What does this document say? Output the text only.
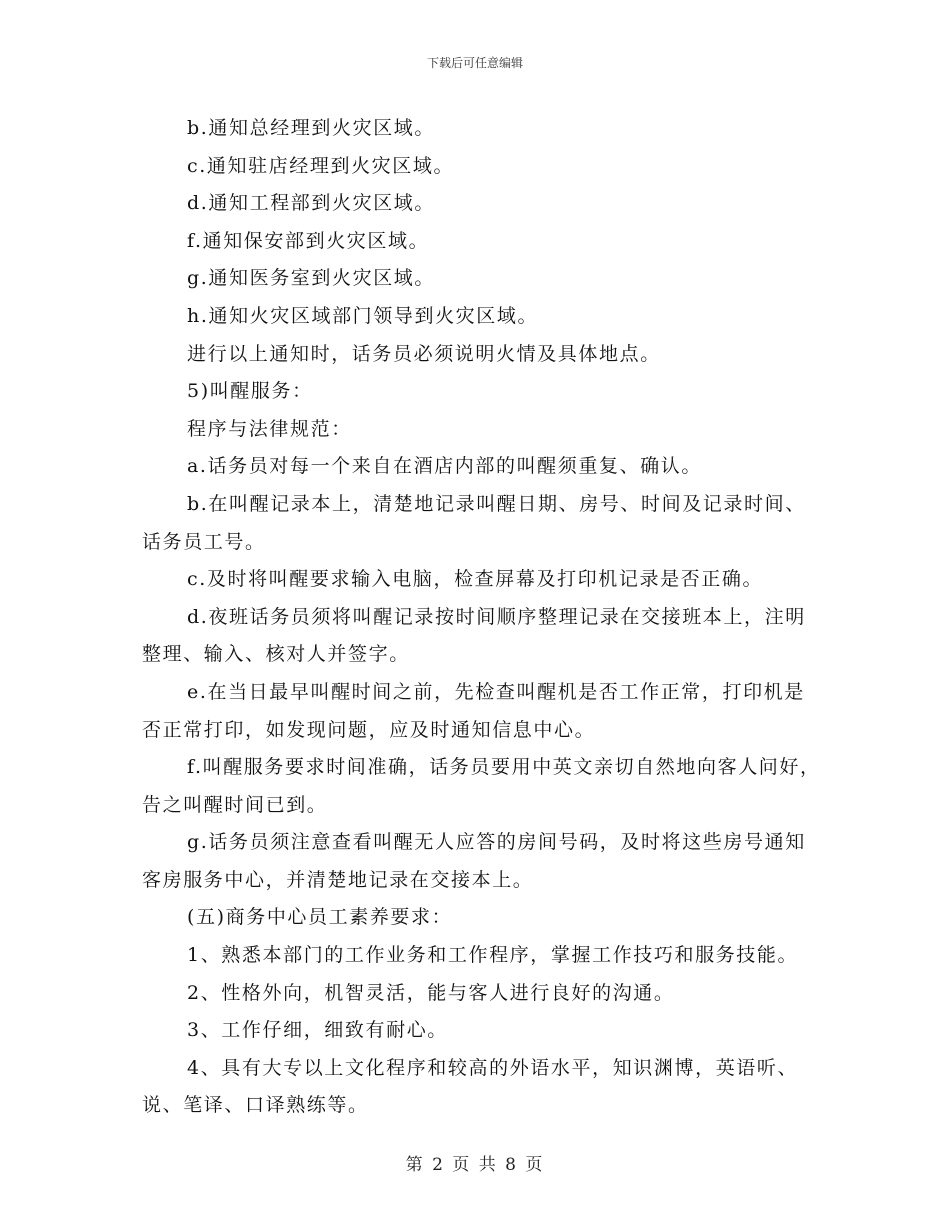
下载后可任意编辑

b.通知总经理到火灾区域。

c.通知驻店经理到火灾区域。

d.通知工程部到火灾区域。

f.通知保安部到火灾区域。

g.通知医务室到火灾区域。

h.通知火灾区域部门领导到火灾区域。

进行以上通知时，话务员必须说明火情及具体地点。

5)叫醒服务：

程序与法律规范：

a.话务员对每一个来自在酒店内部的叫醒须重复、确认。

b.在叫醒记录本上，清楚地记录叫醒日期、房号、时间及记录时间、话务员工号。

c.及时将叫醒要求输入电脑，检查屏幕及打印机记录是否正确。

d.夜班话务员须将叫醒记录按时间顺序整理记录在交接班本上，注明整理、输入、核对人并签字。

e.在当日最早叫醒时间之前，先检查叫醒机是否工作正常，打印机是否正常打印，如发现问题，应及时通知信息中心。

f.叫醒服务要求时间准确，话务员要用中英文亲切自然地向客人问好，告之叫醒时间已到。

g.话务员须注意查看叫醒无人应答的房间号码，及时将这些房号通知客房服务中心，并清楚地记录在交接本上。

(五)商务中心员工素养要求：

1、熟悉本部门的工作业务和工作程序，掌握工作技巧和服务技能。

2、性格外向，机智灵活，能与客人进行良好的沟通。

3、工作仔细，细致有耐心。

4、具有大专以上文化程序和较高的外语水平，知识渊博，英语听、说、笔译、口译熟练等。

第 2 页 共 8 页
